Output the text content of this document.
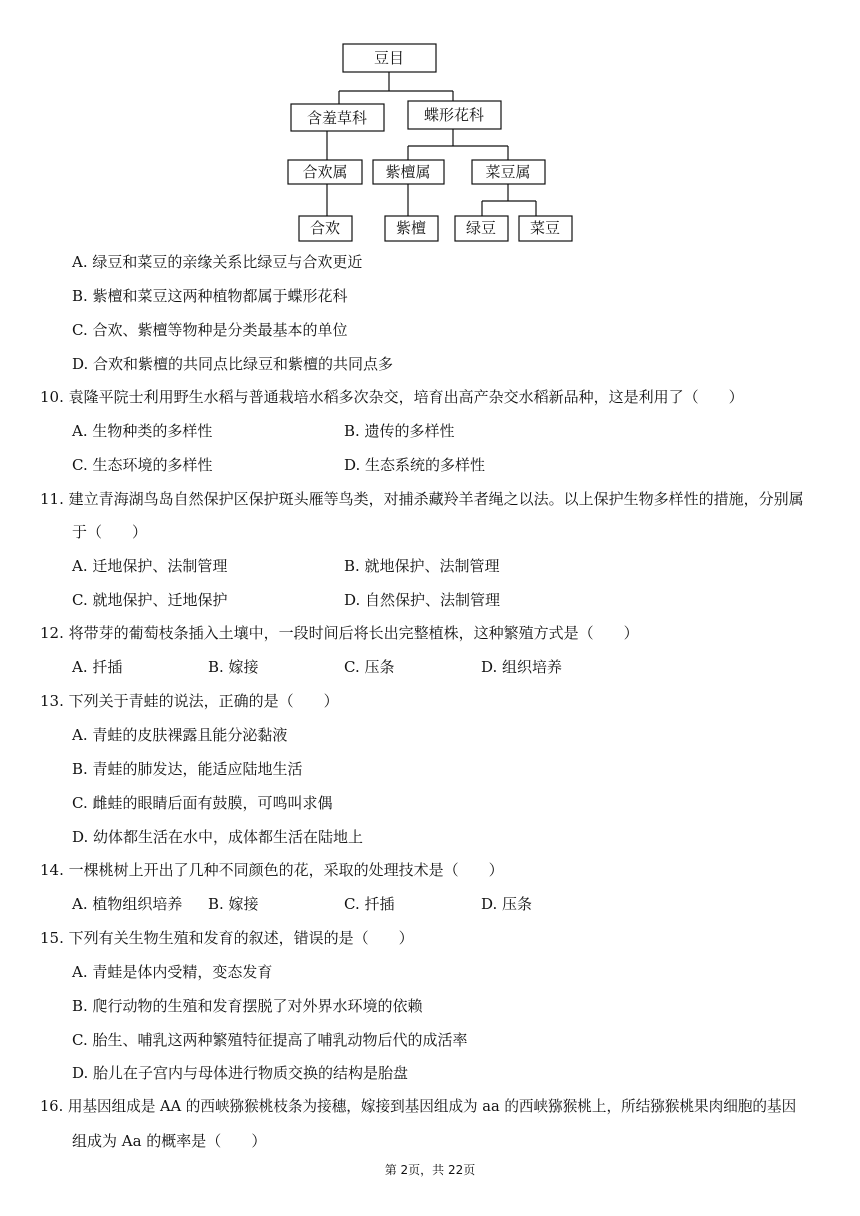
豆目
含羞草科	蝶形花科
合欢属	紫檀属	菜豆属
合欢	紫檀	绿豆 菜豆
A. 绿豆和菜豆的亲缘关系比绿豆与合欢更近
B. 紫檀和菜豆这两种植物都属于蝶形花科
C. 合欢、紫檀等物种是分类最基本的单位
D. 合欢和紫檀的共同点比绿豆和紫檀的共同点多
10. 袁隆平院士利用野生水稻与普通栽培水稻多次杂交，培育出高产杂交水稻新品种，这是利用了（　　）
A. 生物种类的多样性	B. 遗传的多样性
C. 生态环境的多样性	D. 生态系统的多样性
11. 建立青海湖鸟岛自然保护区保护斑头雁等鸟类，对捕杀藏羚羊者绳之以法。以上保护生物多样性的措施，分别属
于（　　）
A. 迁地保护、法制管理	B. 就地保护、法制管理
C. 就地保护、迁地保护	D. 自然保护、法制管理
12. 将带芽的葡萄枝条插入土壤中，一段时间后将长出完整植株，这种繁殖方式是（　　）
A. 扦插	B. 嫁接	C. 压条	D. 组织培养
13. 下列关于青蛙的说法，正确的是（　　）
A. 青蛙的皮肤裸露且能分泌黏液
B. 青蛙的肺发达，能适应陆地生活
C. 雌蛙的眼睛后面有鼓膜，可鸣叫求偶
D. 幼体都生活在水中，成体都生活在陆地上
14. 一棵桃树上开出了几种不同颜色的花，采取的处理技术是（　　）
A. 植物组织培养 B. 嫁接	C. 扦插	D. 压条
15. 下列有关生物生殖和发育的叙述，错误的是（　　）
A. 青蛙是体内受精，变态发育
B. 爬行动物的生殖和发育摆脱了对外界水环境的依赖
C. 胎生、哺乳这两种繁殖特征提高了哺乳动物后代的成活率
D. 胎儿在子宫内与母体进行物质交换的结构是胎盘
16. 用基因组成是 AA 的西峡猕猴桃枝条为接穗，嫁接到基因组成为 aa 的西峡猕猴桃上，所结猕猴桃果肉细胞的基因
组成为 Aa 的概率是（　　）
第 2页，共 22页
